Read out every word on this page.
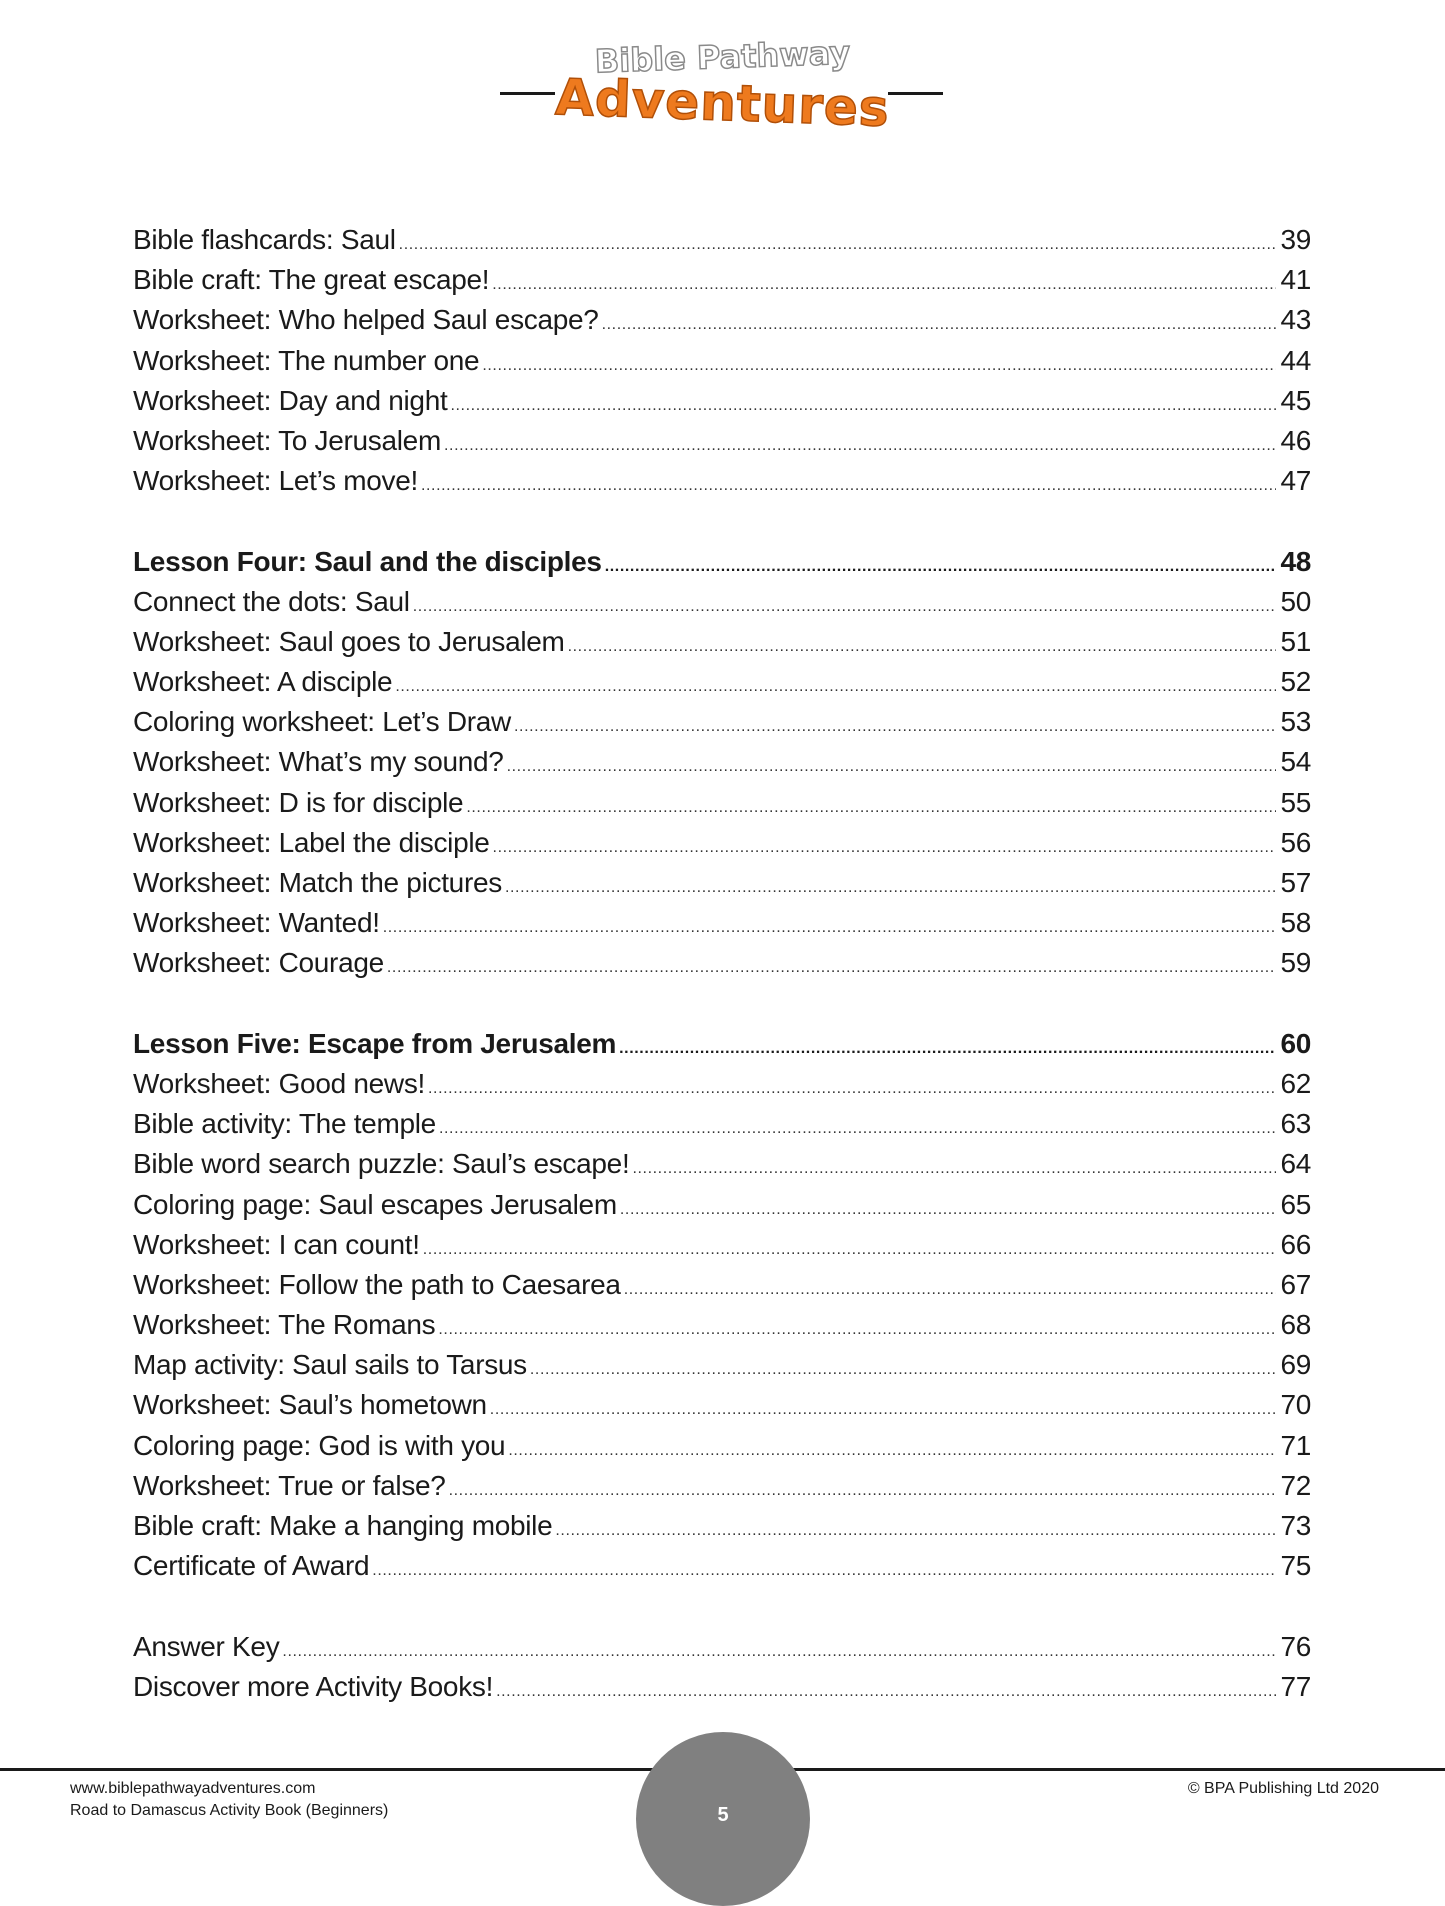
Bible Pathway
Adventures
Bible flashcards: Saul .....	39
Bible craft: The great escape! .....	41
Worksheet: Who helped Saul escape? .....	43
Worksheet: The number one .....	44
Worksheet: Day and night .....	45
Worksheet: To Jerusalem .....	46
Worksheet: Let’s move! .....	47
Lesson Four: Saul and the disciples .....	48
Connect the dots: Saul .....	50
Worksheet: Saul goes to Jerusalem .....	51
Worksheet: A disciple .....	52
Coloring worksheet: Let’s Draw .....	53
Worksheet: What’s my sound? .....	54
Worksheet: D is for disciple .....	55
Worksheet: Label the disciple .....	56
Worksheet: Match the pictures .....	57
Worksheet: Wanted! .....	58
Worksheet: Courage .....	59
Lesson Five: Escape from Jerusalem .....	60
Worksheet: Good news! .....	62
Bible activity: The temple .....	63
Bible word search puzzle: Saul’s escape! .....	64
Coloring page: Saul escapes Jerusalem .....	65
Worksheet: I can count! .....	66
Worksheet: Follow the path to Caesarea .....	67
Worksheet: The Romans .....	68
Map activity: Saul sails to Tarsus .....	69
Worksheet: Saul’s hometown .....	70
Coloring page: God is with you .....	71
Worksheet: True or false? .....	72
Bible craft: Make a hanging mobile .....	73
Certificate of Award .....	75
Answer Key .....	76
Discover more Activity Books! .....	77
www.biblepathwayadventures.com
Road to Damascus Activity Book (Beginners)
© BPA Publishing Ltd 2020
5
